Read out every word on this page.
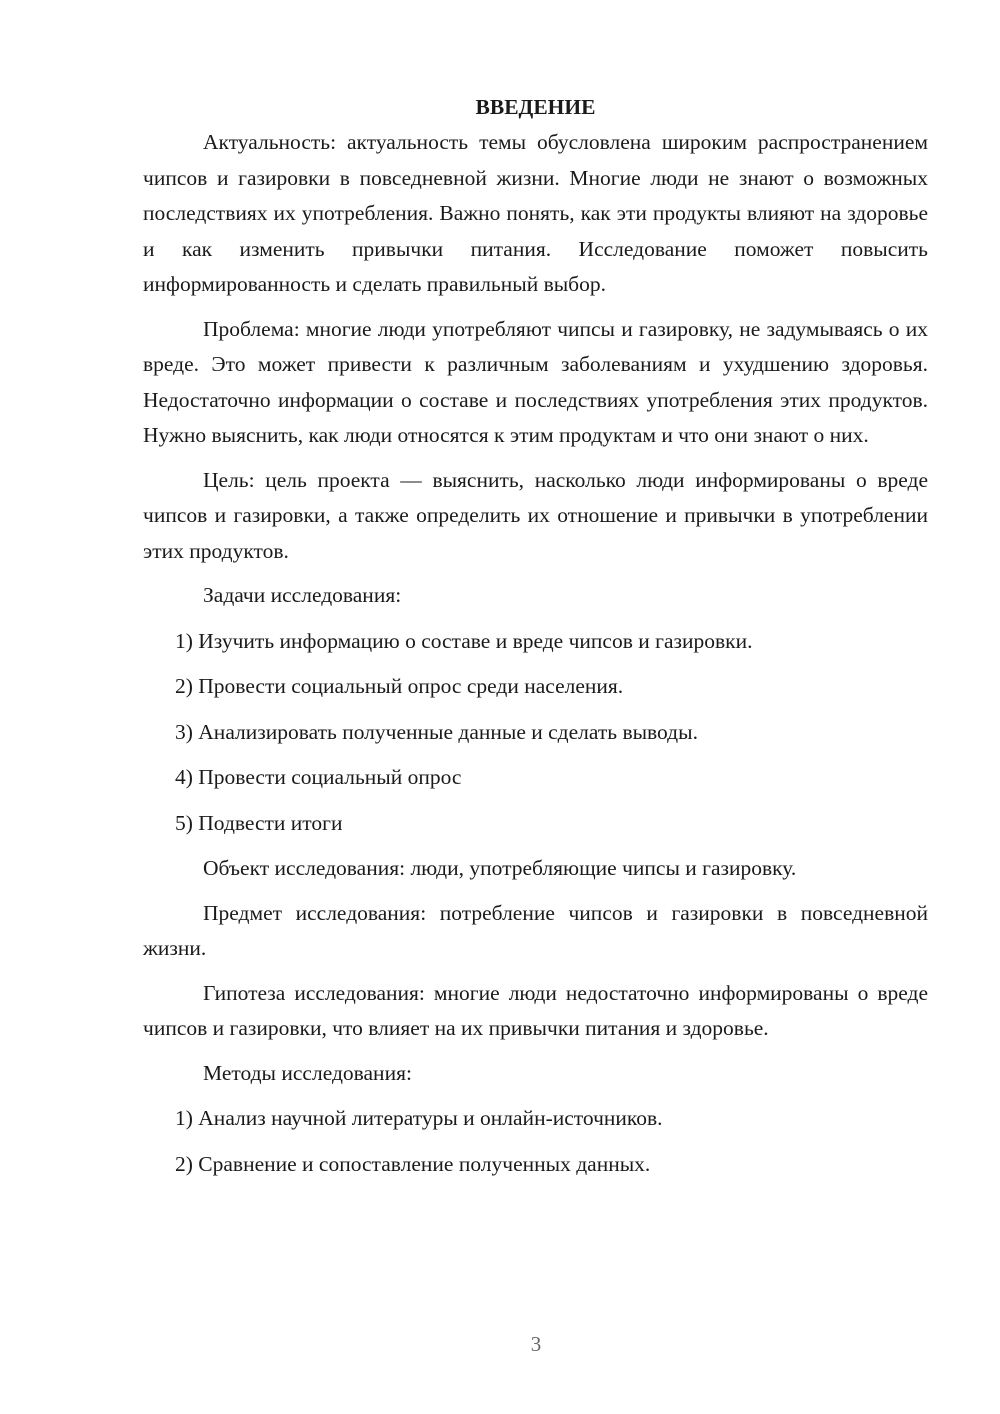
ВВЕДЕНИЕ

Актуальность: актуальность темы обусловлена широким распространением чипсов и газировки в повседневной жизни. Многие люди не знают о возможных последствиях их употребления. Важно понять, как эти продукты влияют на здоровье и как изменить привычки питания. Исследование поможет повысить информированность и сделать правильный выбор.

Проблема: многие люди употребляют чипсы и газировку, не задумываясь о их вреде. Это может привести к различным заболеваниям и ухудшению здоровья. Недостаточно информации о составе и последствиях употребления этих продуктов. Нужно выяснить, как люди относятся к этим продуктам и что они знают о них.

Цель: цель проекта — выяснить, насколько люди информированы о вреде чипсов и газировки, а также определить их отношение и привычки в употреблении этих продуктов.

Задачи исследования:

1) Изучить информацию о составе и вреде чипсов и газировки.

2) Провести социальный опрос среди населения.

3) Анализировать полученные данные и сделать выводы.

4) Провести социальный опрос

5) Подвести итоги

Объект исследования: люди, употребляющие чипсы и газировку.

Предмет исследования: потребление чипсов и газировки в повседневной жизни.

Гипотеза исследования: многие люди недостаточно информированы о вреде чипсов и газировки, что влияет на их привычки питания и здоровье.

Методы исследования:

1) Анализ научной литературы и онлайн-источников.

2) Сравнение и сопоставление полученных данных.

3
